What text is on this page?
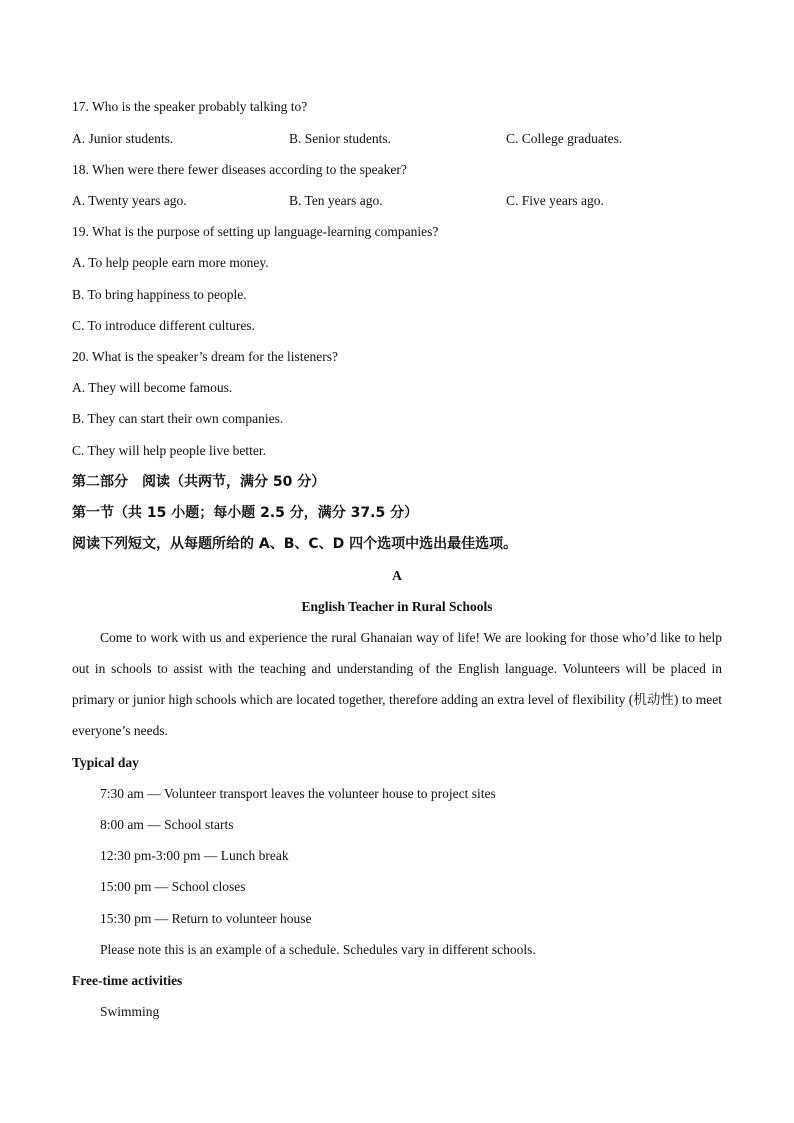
17. Who is the speaker probably talking to?
A. Junior students.	B. Senior students.	C. College graduates.
18. When were there fewer diseases according to the speaker?
A. Twenty years ago.	B. Ten years ago.	C. Five years ago.
19. What is the purpose of setting up language-learning companies?
A. To help people earn more money.
B. To bring happiness to people.
C. To introduce different cultures.
20. What is the speaker’s dream for the listeners?
A. They will become famous.
B. They can start their own companies.
C. They will help people live better.
第二部分　阅读（共两节，满分 50 分）
第一节（共 15 小题；每小题 2.5 分，满分 37.5 分）
阅读下列短文，从每题所给的 A、B、C、D 四个选项中选出最佳选项。
A
English Teacher in Rural Schools
Come to work with us and experience the rural Ghanaian way of life! We are looking for those who’d like to help out in schools to assist with the teaching and understanding of the English language. Volunteers will be placed in primary or junior high schools which are located together, therefore adding an extra level of flexibility (机动性) to meet everyone’s needs.
Typical day
7:30 am — Volunteer transport leaves the volunteer house to project sites
8:00 am — School starts
12:30 pm-3:00 pm — Lunch break
15:00 pm — School closes
15:30 pm — Return to volunteer house
Please note this is an example of a schedule. Schedules vary in different schools.
Free-time activities
Swimming
